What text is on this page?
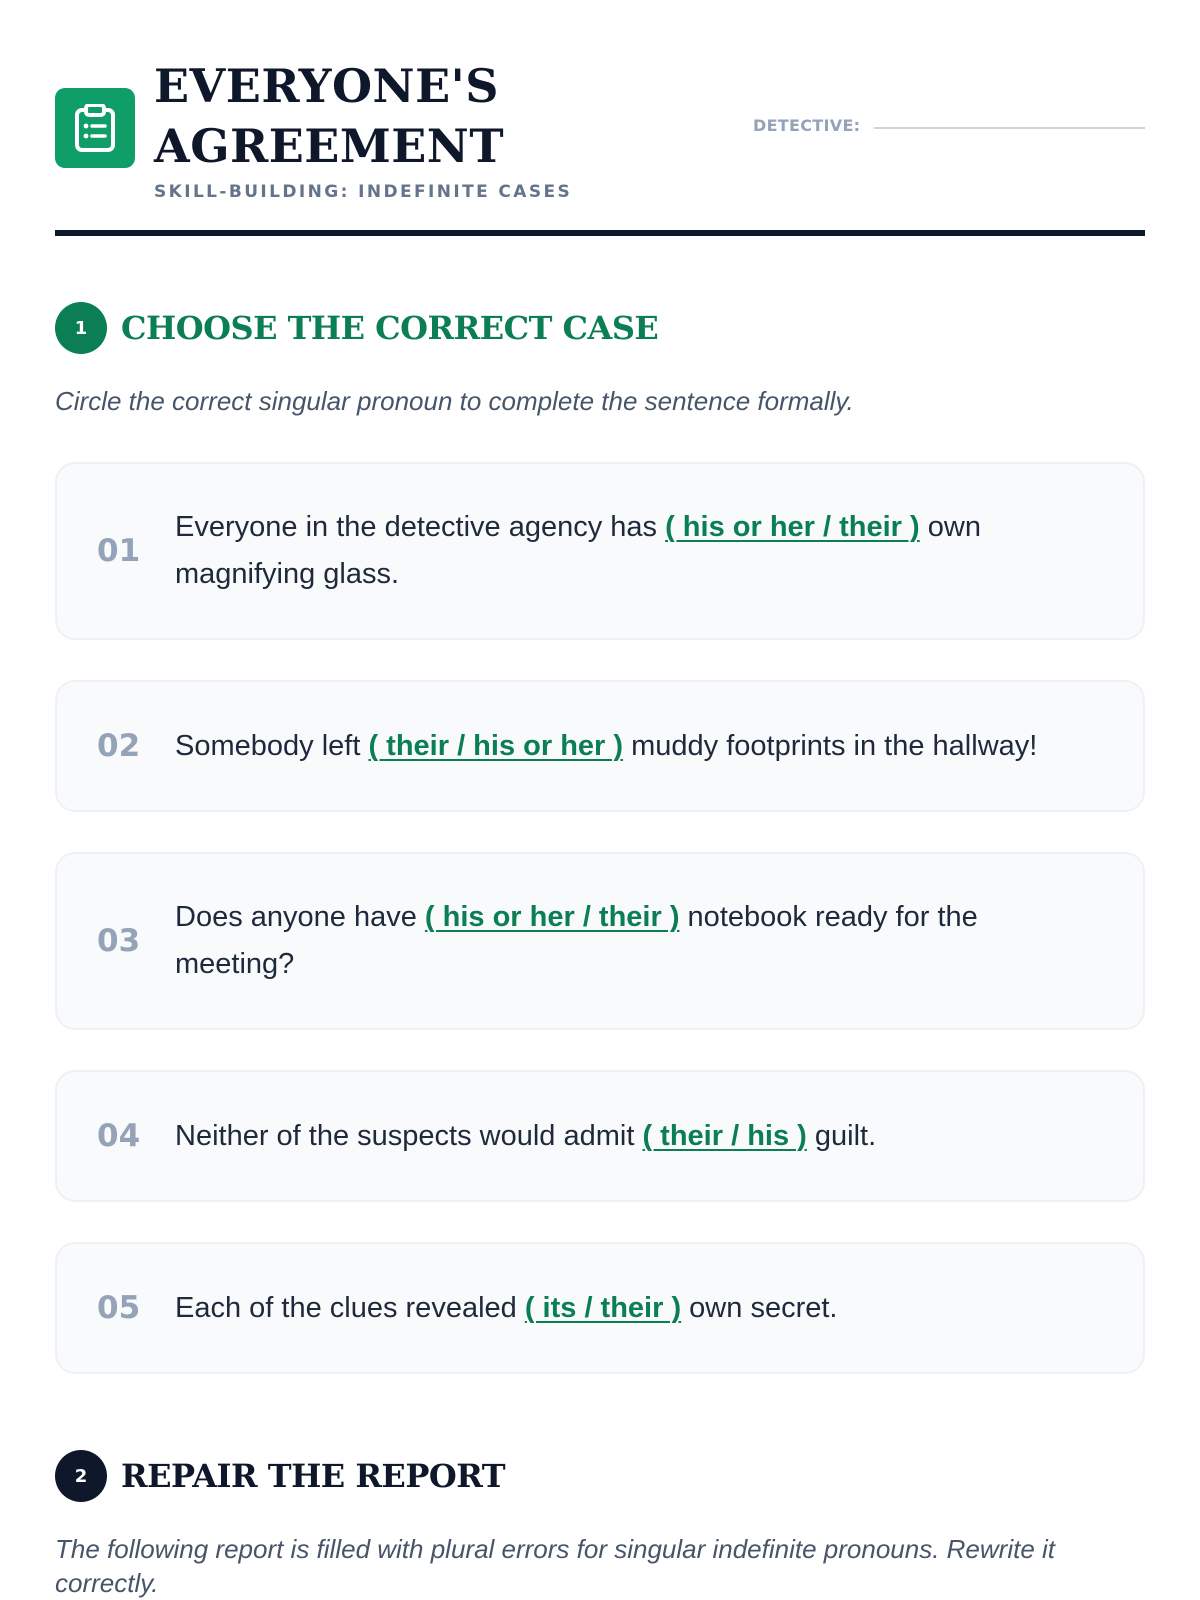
EVERYONE'S
AGREEMENT
SKILL-BUILDING: INDEFINITE CASES
DETECTIVE:
1	CHOOSE THE CORRECT CASE
Circle the correct singular pronoun to complete the sentence formally.
01
Everyone in the detective agency has ( his or her / their ) own magnifying glass.
02	Somebody left ( their / his or her ) muddy footprints in the hallway!
03
Does anyone have ( his or her / their ) notebook ready for the meeting?
04	Neither of the suspects would admit ( their / his ) guilt.
05	Each of the clues revealed ( its / their ) own secret.
2	REPAIR THE REPORT
The following report is filled with plural errors for singular indefinite pronouns. Rewrite it correctly.
